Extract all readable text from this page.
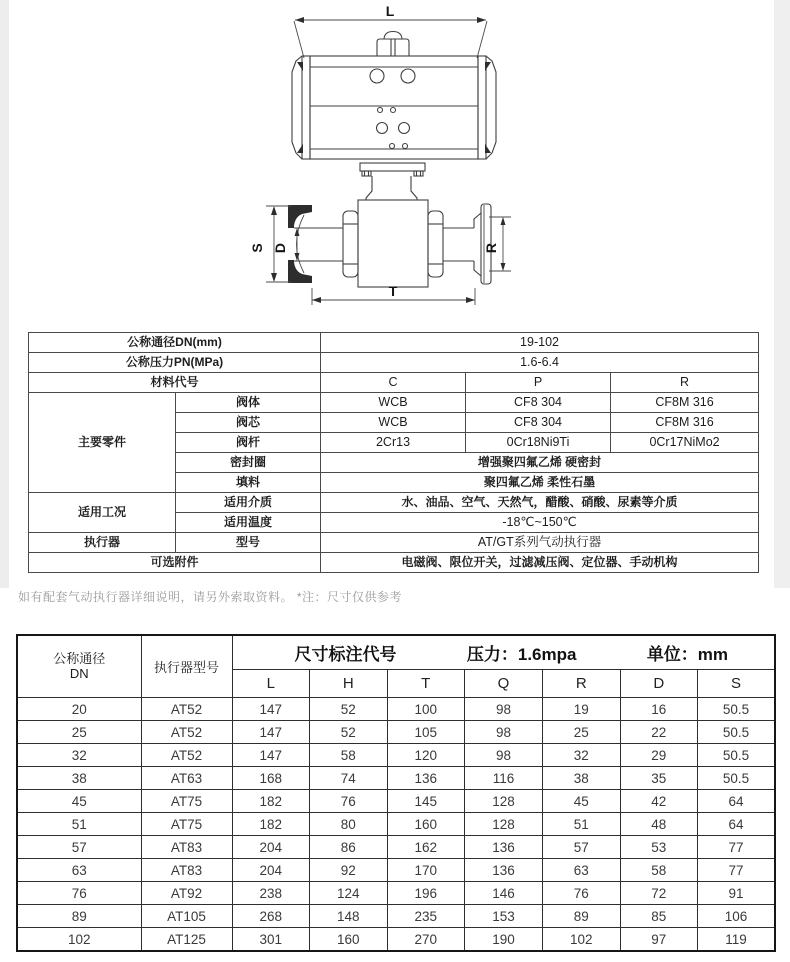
L
S D	R
T
公称通径DN(mm)		19-102		
公称压力PN(MPa)		1.6-6.4		
材料代号		C	P	R
主要零件	阀体	WCB	CF8 304	CF8M 316
	阀芯	WCB	CF8 304	CF8M 316
	阀杆	2Cr13	0Cr18Ni9Ti	0Cr17NiMo2
	密封圈	增强聚四氟乙烯 硬密封		
	填料	聚四氟乙烯 柔性石墨		
适用工况	适用介质	水、油品、空气、天然气，醋酸、硝酸、尿素等介质		
	适用温度	-18℃~150℃		
执行器	型号	AT/GT系列气动执行器		
可选附件		电磁阀、限位开关，过滤减压阀、定位器、手动机构		
如有配套气动执行器详细说明，请另外索取资料。 *注：尺寸仅供参考
公称通径
DN	执行器型号	
尺寸标注代号	压力：1.6mpa	单位：mm

		L	H	T	Q	R	D	S
20	AT52	147	52	100	98	19	16	50.5
25	AT52	147	52	105	98	25	22	50.5
32	AT52	147	58	120	98	32	29	50.5
38	AT63	168	74	136	116	38	35	50.5
45	AT75	182	76	145	128	45	42	64
51	AT75	182	80	160	128	51	48	64
57	AT83	204	86	162	136	57	53	77
63	AT83	204	92	170	136	63	58	77
76	AT92	238	124	196	146	76	72	91
89	AT105	268	148	235	153	89	85	106
102	AT125	301	160	270	190	102	97	119
